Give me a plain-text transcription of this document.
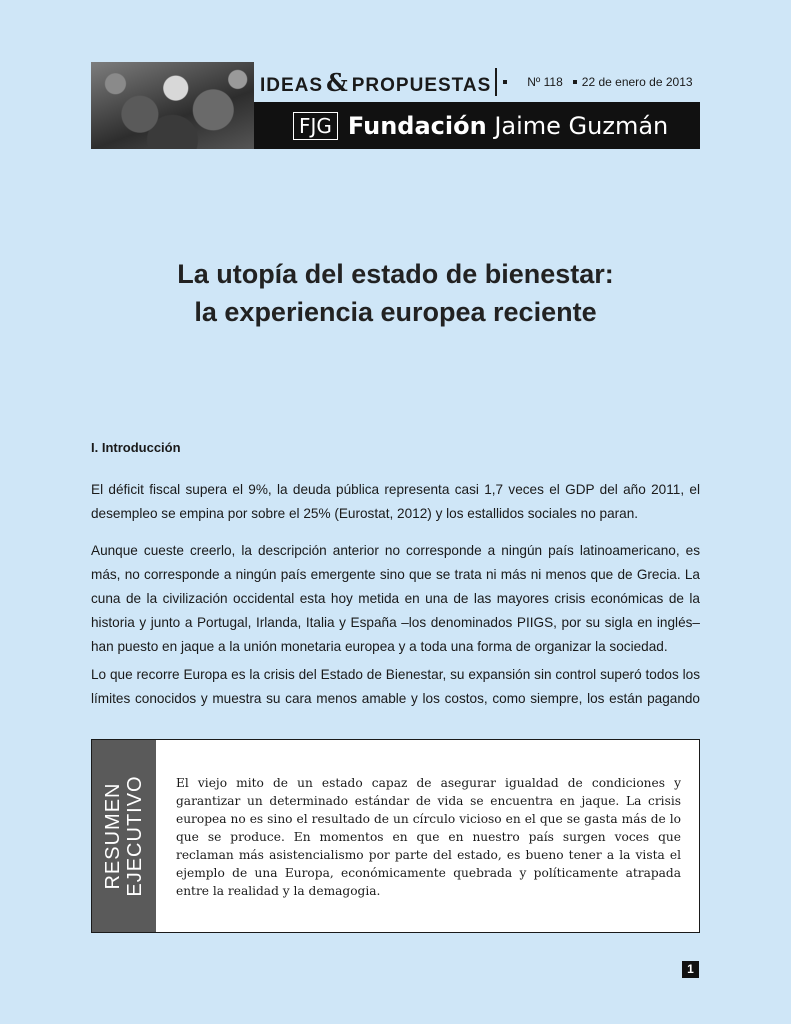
IDEAS & PROPUESTAS	Nº 118 22 de enero de 2013
FJG Fundación Jaime Guzmán
La utopía del estado de bienestar:
la experiencia europea reciente
I. Introducción

El déficit fiscal supera el 9%, la deuda pública representa casi 1,7 veces el GDP del año 2011, el desempleo se empina por sobre el 25% (Eurostat, 2012) y los estallidos sociales no paran.

Aunque cueste creerlo, la descripción anterior no corresponde a ningún país latinoamericano, es más, no corresponde a ningún país emergente sino que se trata ni más ni menos que de Grecia. La cuna de la civilización occidental esta hoy metida en una de las mayores crisis económicas de la historia y junto a Portugal, Irlanda, Italia y España –los denominados PIIGS, por su sigla en inglés– han puesto en jaque a la unión monetaria europea y a toda una forma de organizar la sociedad.

Lo que recorre Europa es la crisis del Estado de Bienestar, su expansión sin control superó todos los límites conocidos y muestra su cara menos amable y los costos, como siempre, los están pagando

RESUMEN EJECUTIVO El viejo mito de un estado capaz de asegurar igualdad de condiciones y garantizar un determinado estándar de vida se encuentra en jaque. La crisis europea no es sino el resultado de un círculo vicioso en el que se gasta más de lo que se produce. En momentos en que en nuestro país surgen voces que reclaman más asistencialismo por parte del estado, es bueno tener a la vista el ejemplo de una Europa, económicamente quebrada y políticamente atrapada entre la realidad y la demagogia.

1
